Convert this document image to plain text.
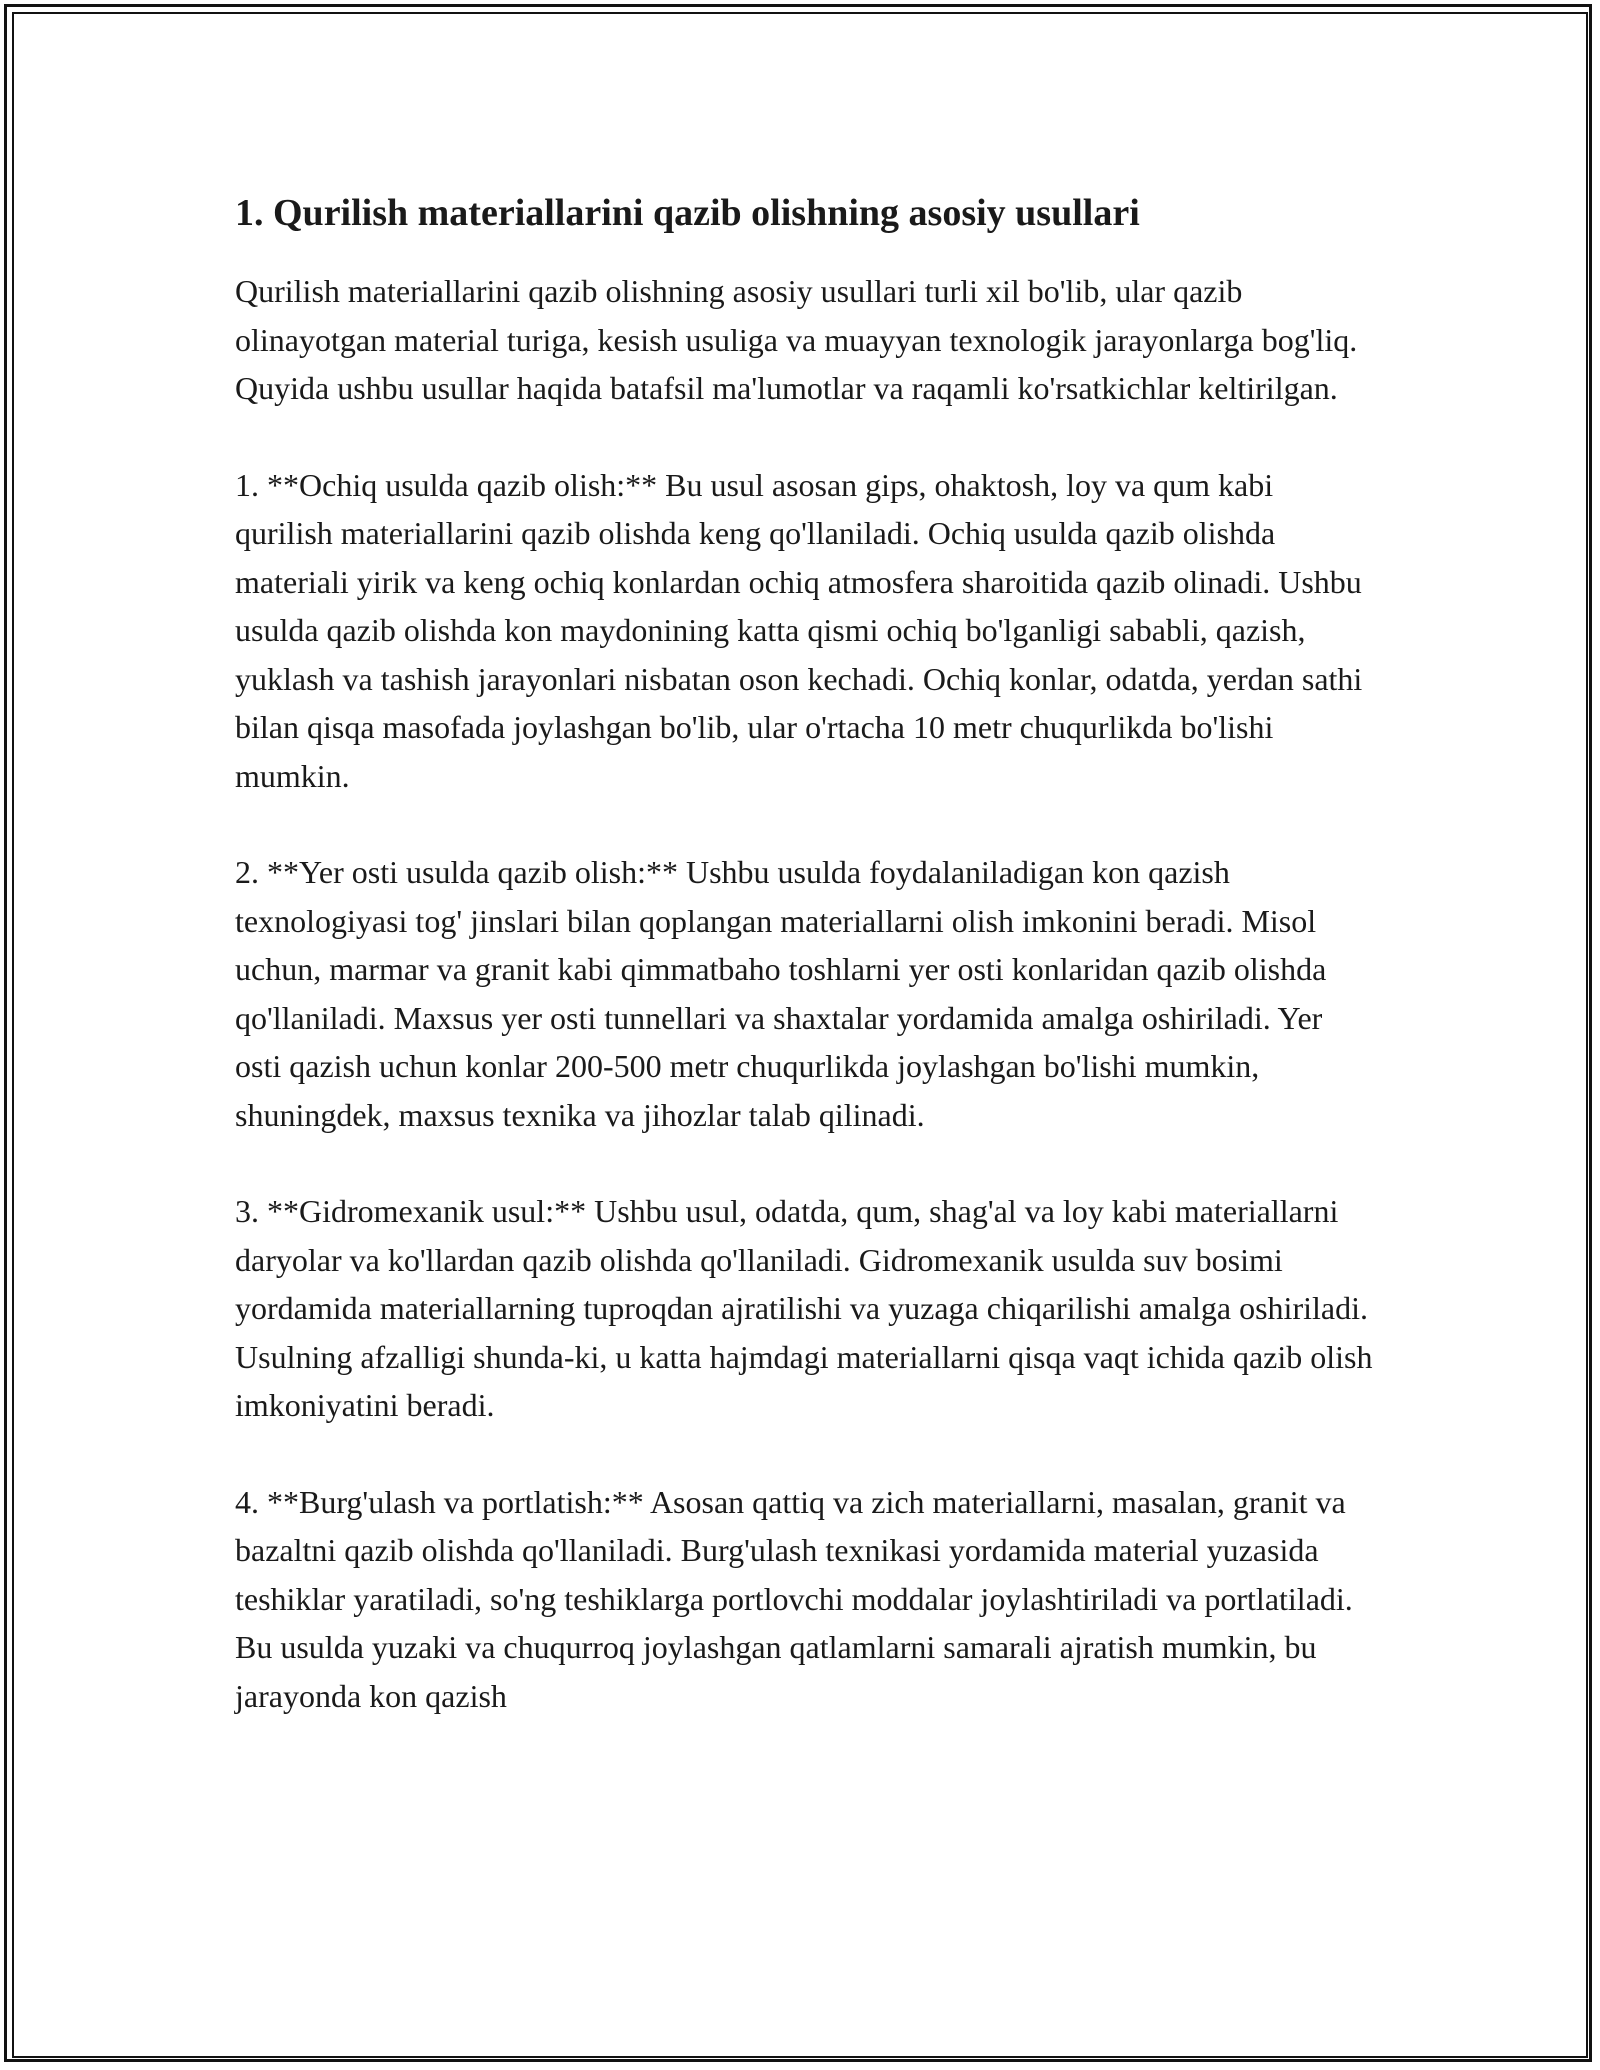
1. Qurilish materiallarini qazib olishning asosiy usullari

Qurilish materiallarini qazib olishning asosiy usullari turli xil bo'lib, ular qazib olinayotgan material turiga, kesish usuliga va muayyan texnologik jarayonlarga bog'liq. Quyida ushbu usullar haqida batafsil ma'lumotlar va raqamli ko'rsatkichlar keltirilgan.

1. **Ochiq usulda qazib olish:** Bu usul asosan gips, ohaktosh, loy va qum kabi qurilish materiallarini qazib olishda keng qo'llaniladi. Ochiq usulda qazib olishda materiali yirik va keng ochiq konlardan ochiq atmosfera sharoitida qazib olinadi. Ushbu usulda qazib olishda kon maydonining katta qismi ochiq bo'lganligi sababli, qazish, yuklash va tashish jarayonlari nisbatan oson kechadi. Ochiq konlar, odatda, yerdan sathi bilan qisqa masofada joylashgan bo'lib, ular o'rtacha 10 metr chuqurlikda bo'lishi mumkin.

2. **Yer osti usulda qazib olish:** Ushbu usulda foydalaniladigan kon qazish texnologiyasi tog' jinslari bilan qoplangan materiallarni olish imkonini beradi. Misol uchun, marmar va granit kabi qimmatbaho toshlarni yer osti konlaridan qazib olishda qo'llaniladi. Maxsus yer osti tunnellari va shaxtalar yordamida amalga oshiriladi. Yer osti qazish uchun konlar 200-500 metr chuqurlikda joylashgan bo'lishi mumkin, shuningdek, maxsus texnika va jihozlar talab qilinadi.

3. **Gidromexanik usul:** Ushbu usul, odatda, qum, shag'al va loy kabi materiallarni daryolar va ko'llardan qazib olishda qo'llaniladi. Gidromexanik usulda suv bosimi yordamida materiallarning tuproqdan ajratilishi va yuzaga chiqarilishi amalga oshiriladi. Usulning afzalligi shunda-ki, u katta hajmdagi materiallarni qisqa vaqt ichida qazib olish imkoniyatini beradi.

4. **Burg'ulash va portlatish:** Asosan qattiq va zich materiallarni, masalan, granit va bazaltni qazib olishda qo'llaniladi. Burg'ulash texnikasi yordamida material yuzasida teshiklar yaratiladi, so'ng teshiklarga portlovchi moddalar joylashtiriladi va portlatiladi. Bu usulda yuzaki va chuqurroq joylashgan qatlamlarni samarali ajratish mumkin, bu jarayonda kon qazish
